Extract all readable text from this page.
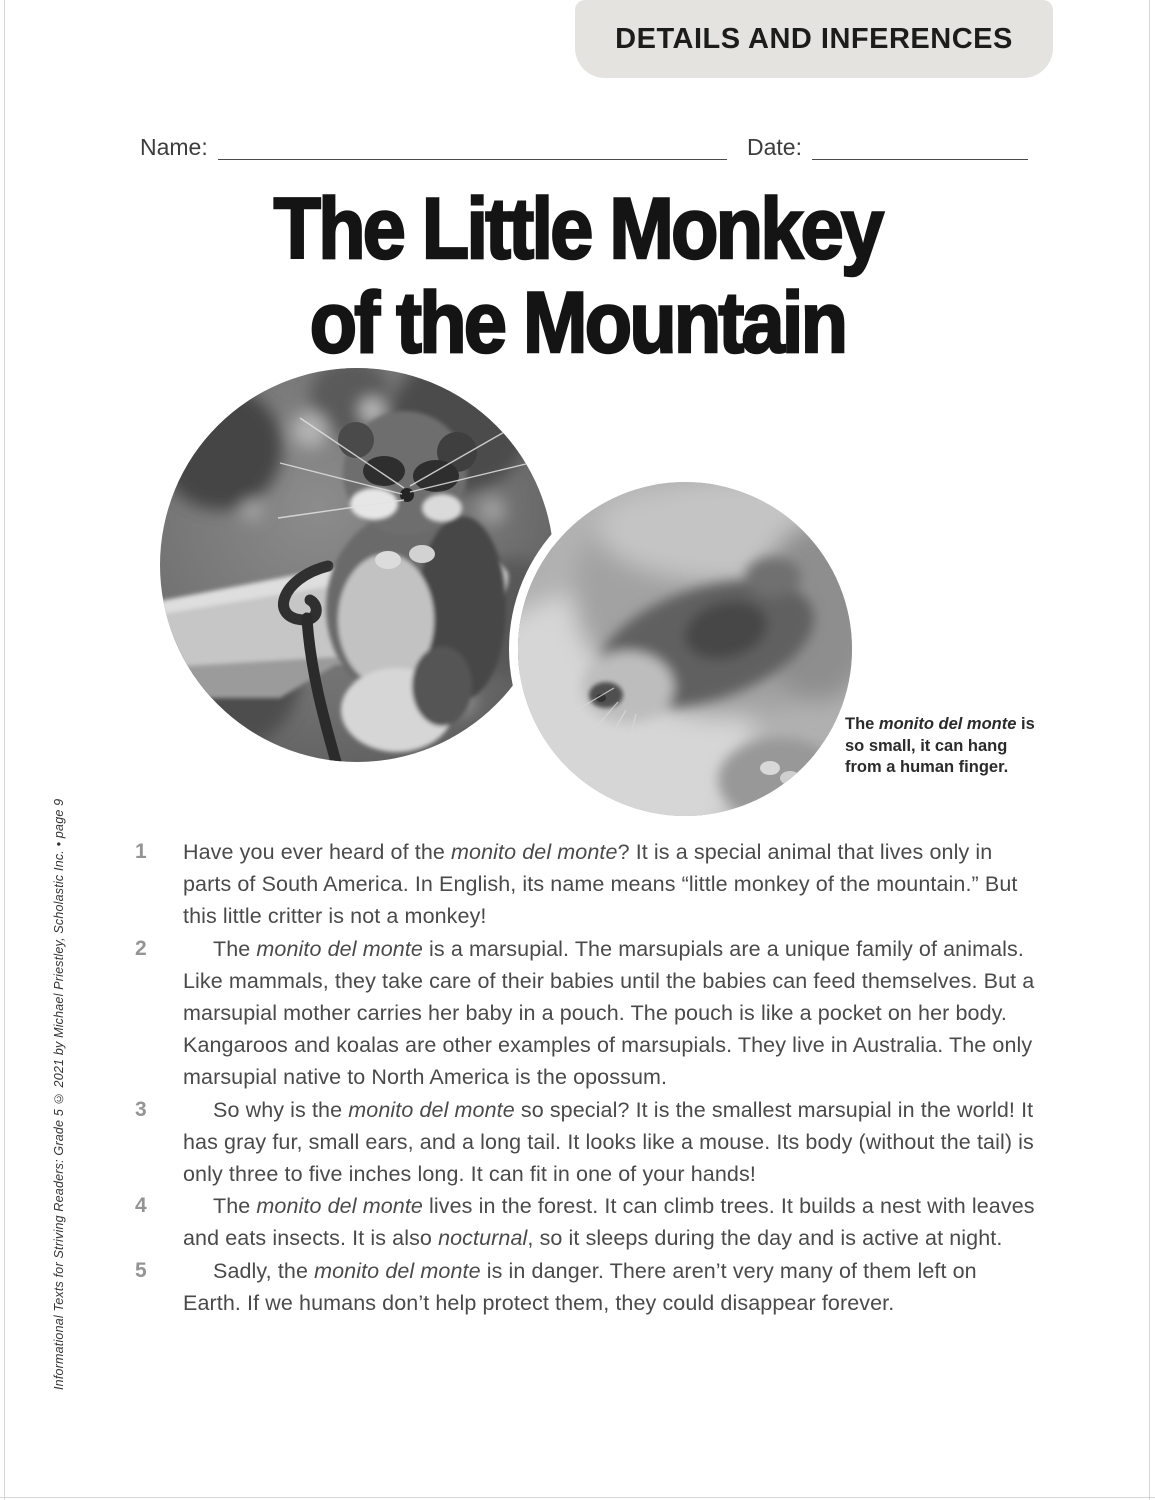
DETAILS AND INFERENCES
Name:	Date:
The Little Monkey
of the Mountain
The monito del monte is so small, it can hang from a human finger.
1 Have you ever heard of the monito del monte? It is a special animal that lives only in parts of South America. In English, its name means “little monkey of the mountain.” But this little critter is not a monkey!
2	The monito del monte is a marsupial. The marsupials are a unique family of animals. Like mammals, they take care of their babies until the babies can feed themselves. But a marsupial mother carries her baby in a pouch. The pouch is like a pocket on her body. Kangaroos and koalas are other examples of marsupials. They live in Australia. The only marsupial native to North America is the opossum.
3	So why is the monito del monte so special? It is the smallest marsupial in the world! It has gray fur, small ears, and a long tail. It looks like a mouse. Its body (without the tail) is only three to five inches long. It can fit in one of your hands!
4	The monito del monte lives in the forest. It can climb trees. It builds a nest with leaves and eats insects. It is also nocturnal, so it sleeps during the day and is active at night.
5	Sadly, the monito del monte is in danger. There aren’t very many of them left on Earth. If we humans don’t help protect them, they could disappear forever.
Informational Texts for Striving Readers: Grade 5 © 2021 by Michael Priestley, Scholastic Inc. • page 9
